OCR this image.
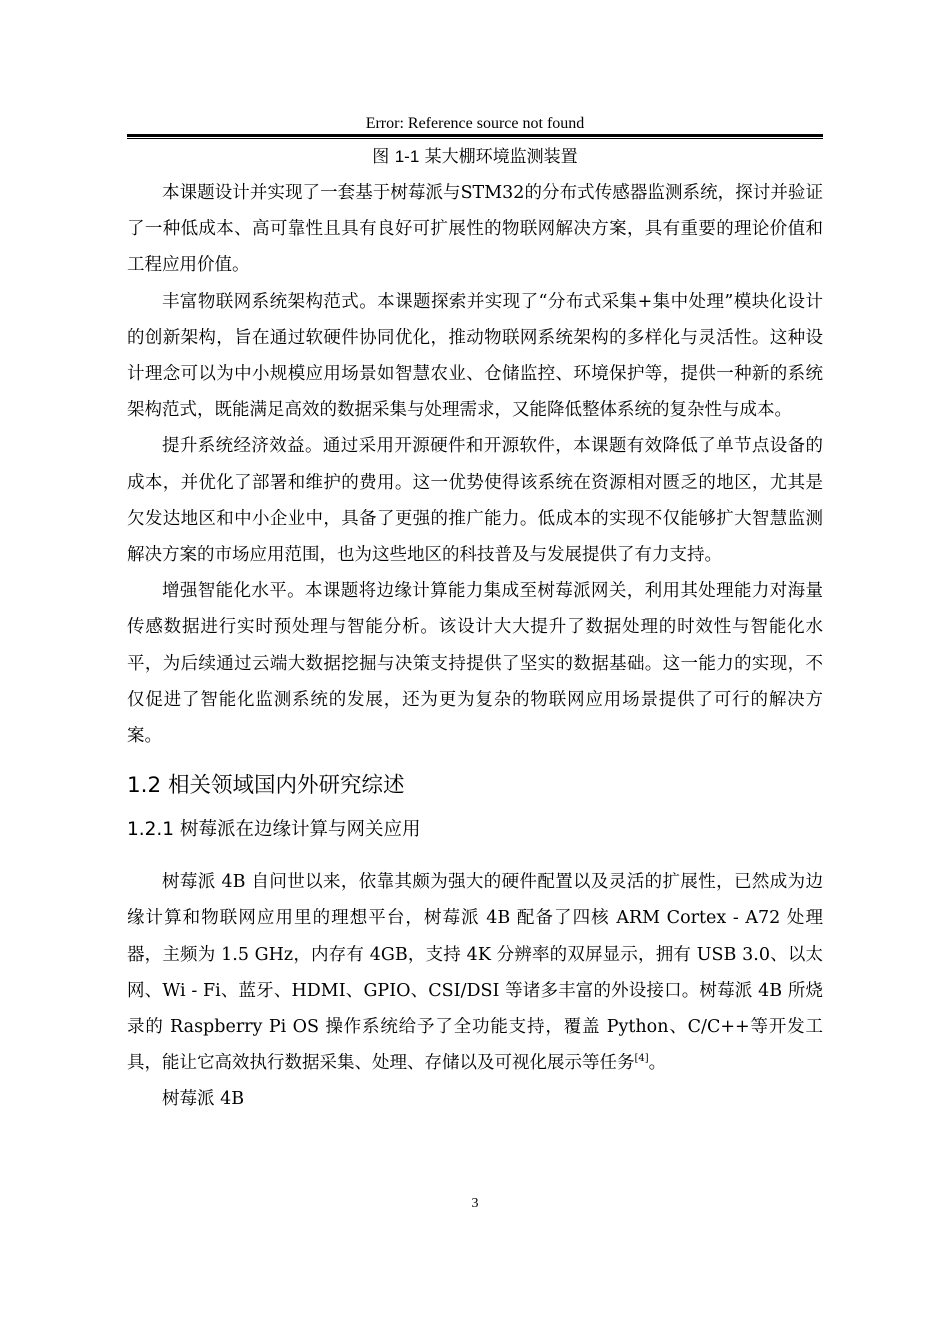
Error: Reference source not found
图 1-1 某大棚环境监测装置

本课题设计并实现了一套基于树莓派与STM32的分布式传感器监测系统，探讨并验证了一种低成本、高可靠性且具有良好可扩展性的物联网解决方案，具有重要的理论价值和工程应用价值。

丰富物联网系统架构范式。本课题探索并实现了“分布式采集+集中处理”模块化设计的创新架构，旨在通过软硬件协同优化，推动物联网系统架构的多样化与灵活性。这种设计理念可以为中小规模应用场景如智慧农业、仓储监控、环境保护等，提供一种新的系统架构范式，既能满足高效的数据采集与处理需求，又能降低整体系统的复杂性与成本。

提升系统经济效益。通过采用开源硬件和开源软件，本课题有效降低了单节点设备的成本，并优化了部署和维护的费用。这一优势使得该系统在资源相对匮乏的地区，尤其是欠发达地区和中小企业中，具备了更强的推广能力。低成本的实现不仅能够扩大智慧监测解决方案的市场应用范围，也为这些地区的科技普及与发展提供了有力支持。

增强智能化水平。本课题将边缘计算能力集成至树莓派网关，利用其处理能力对海量传感数据进行实时预处理与智能分析。该设计大大提升了数据处理的时效性与智能化水平，为后续通过云端大数据挖掘与决策支持提供了坚实的数据基础。这一能力的实现，不仅促进了智能化监测系统的发展，还为更为复杂的物联网应用场景提供了可行的解决方案。

1.2 相关领域国内外研究综述
1.2.1 树莓派在边缘计算与网关应用

树莓派 4B 自问世以来，依靠其颇为强大的硬件配置以及灵活的扩展性，已然成为边缘计算和物联网应用里的理想平台，树莓派 4B 配备了四核 ARM Cortex - A72 处理器，主频为 1.5 GHz，内存有 4GB，支持 4K 分辨率的双屏显示，拥有 USB 3.0、以太网、Wi - Fi、蓝牙、HDMI、GPIO、CSI/DSI 等诸多丰富的外设接口。树莓派 4B 所烧录的 Raspberry Pi OS 操作系统给予了全功能支持，覆盖 Python、C/C++等开发工具，能让它高效执行数据采集、处理、存储以及可视化展示等任务[4]。

树莓派 4B

3
